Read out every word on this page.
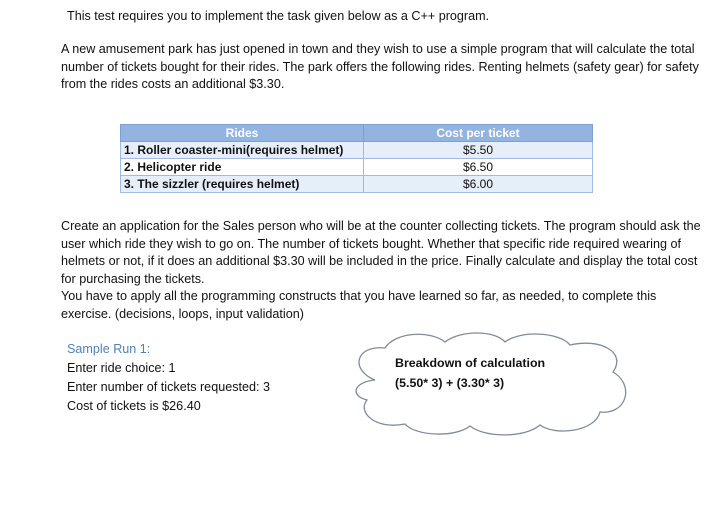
This test requires you to implement the task given below as a C++ program.

A new amusement park has just opened in town and they wish to use a simple program that will calculate the total number of tickets bought for their rides. The park offers the following rides. Renting helmets (safety gear) for safety from the rides costs an additional $3.30.

Rides	Cost per ticket
1. Roller coaster-mini(requires helmet)	$5.50
2. Helicopter ride	$6.50
3. The sizzler (requires helmet)	$6.00

Create an application for the Sales person who will be at the counter collecting tickets. The program should ask the user which ride they wish to go on. The number of tickets bought. Whether that specific ride required wearing of helmets or not, if it does an additional $3.30 will be included in the price. Finally calculate and display the total cost for purchasing the tickets.

You have to apply all the programming constructs that you have learned so far, as needed, to complete this exercise. (decisions, loops, input validation)

Sample Run 1:
Enter ride choice: 1
Enter number of tickets requested: 3
Cost of tickets is $26.40
Breakdown of calculation
(5.50* 3) + (3.30* 3)
